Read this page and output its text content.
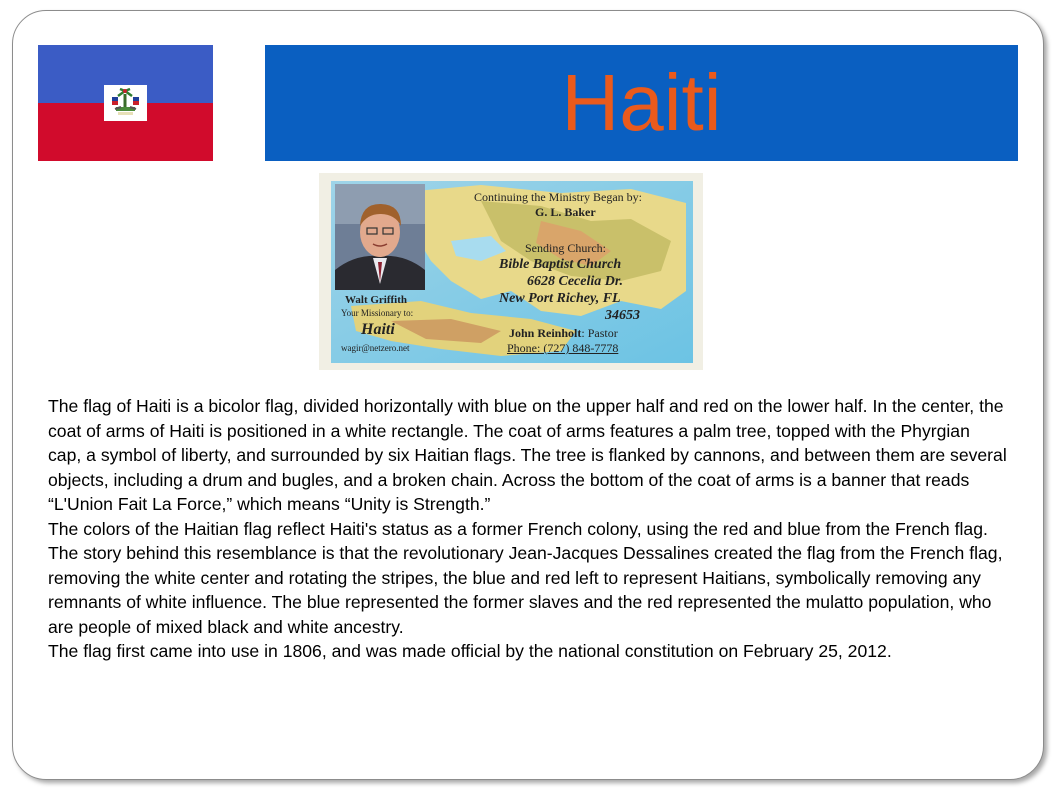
Haiti
Continuing the Ministry Began by:
G. L. Baker
Sending Church:
Bible Baptist Church
6628 Cecelia Dr.
New Port Richey, FL
34653
John Reinholt: Pastor
Phone: (727) 848-7778
Walt Griffith
Your Missionary to:
Haiti
wagir@netzero.net

The flag of Haiti is a bicolor flag, divided horizontally with blue on the upper half and red on the lower half. In the center, the coat of arms of Haiti is positioned in a white rectangle. The coat of arms features a palm tree, topped with the Phyrgian cap, a symbol of liberty, and surrounded by six Haitian flags. The tree is flanked by cannons, and between them are several objects, including a drum and bugles, and a broken chain. Across the bottom of the coat of arms is a banner that reads “L'Union Fait La Force,” which means “Unity is Strength.”

The colors of the Haitian flag reflect Haiti's status as a former French colony, using the red and blue from the French flag. The story behind this resemblance is that the revolutionary Jean-Jacques Dessalines created the flag from the French flag, removing the white center and rotating the stripes, the blue and red left to represent Haitians, symbolically removing any remnants of white influence. The blue represented the former slaves and the red represented the mulatto population, who are people of mixed black and white ancestry.

The flag first came into use in 1806, and was made official by the national constitution on February 25, 2012.
